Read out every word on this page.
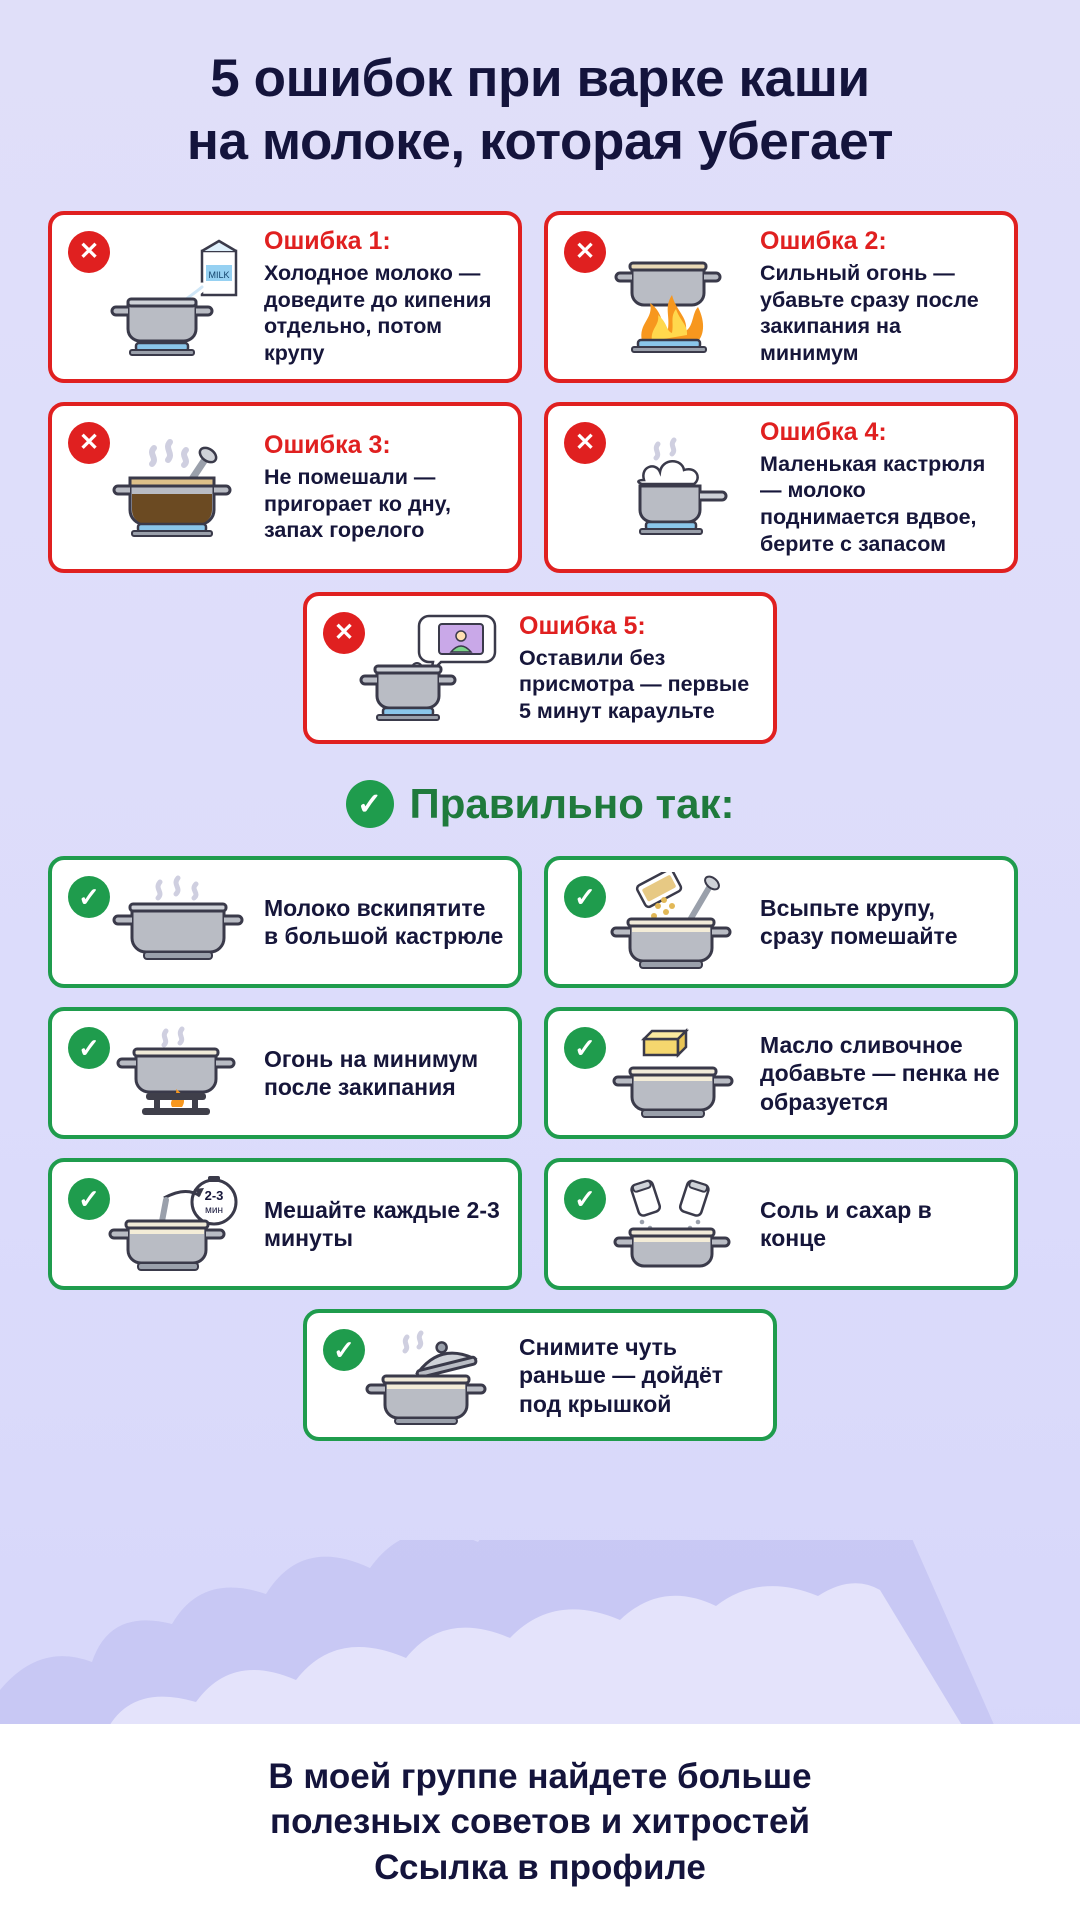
5 ошибок при варке каши
на молоке, которая убегает
✕
MILK
Ошибка 1:
Холодное молоко — доведите до кипения отдельно, потом крупу
✕	Ошибка 2:
Сильный огонь — убавьте сразу после закипания на минимум
✕	Ошибка 3:
Не помешали — пригорает ко дну, запах горелого
✕	Ошибка 4:
Маленькая кастрюля — молоко поднимается вдвое, берите с запасом
✕	Ошибка 5:
Оставили без присмотра — первые 5 минут караульте
✓ Правильно так:
✓	Молоко вскипятите в большой кастрюле
✓	Всыпьте крупу, сразу помешайте
✓	Огонь на минимум после закипания
✓	Масло сливочное добавьте — пенка не образуется
✓	2-3
мин Мешайте каждые 2-3 минуты
✓	Соль и сахар в конце
✓	Снимите чуть раньше — дойдёт под крышкой
В моей группе найдете больше
полезных советов и хитростей
Ссылка в профиле
